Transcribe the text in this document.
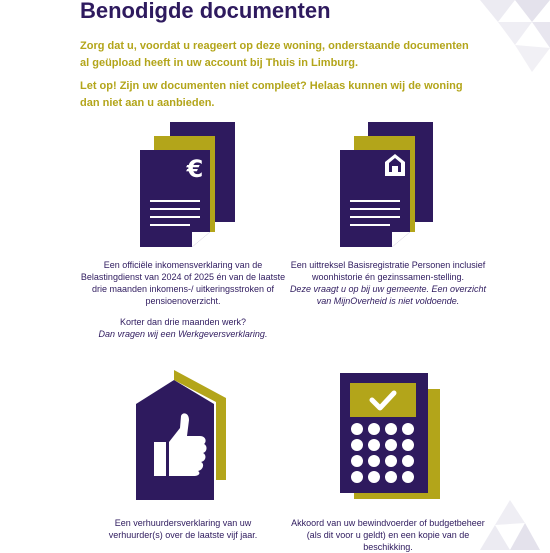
Benodigde documenten

Zorg dat u, voordat u reageert op deze woning, onderstaande documenten al geüpload heeft in uw account bij Thuis in Limburg.

Let op! Zijn uw documenten niet compleet? Helaas kunnen wij de woning dan niet aan u aanbieden.

€

Een officiële inkomensverklaring van de Belastingdienst van 2024 of 2025 én van de laatste drie maanden inkomens-/ uitkeringsstroken of pensioenoverzicht.

Korter dan drie maanden werk?

Dan vragen wij een Werkgeversverklaring.

Een uittreksel Basisregistratie Personen inclusief woonhistorie én gezinssamen-stelling.

Deze vraagt u op bij uw gemeente. Een overzicht van MijnOverheid is niet voldoende.

Een verhuurdersverklaring van uw verhuurder(s) over de laatste vijf jaar.

Akkoord van uw bewindvoerder of budgetbeheer (als dit voor u geldt) en een kopie van de beschikking.
